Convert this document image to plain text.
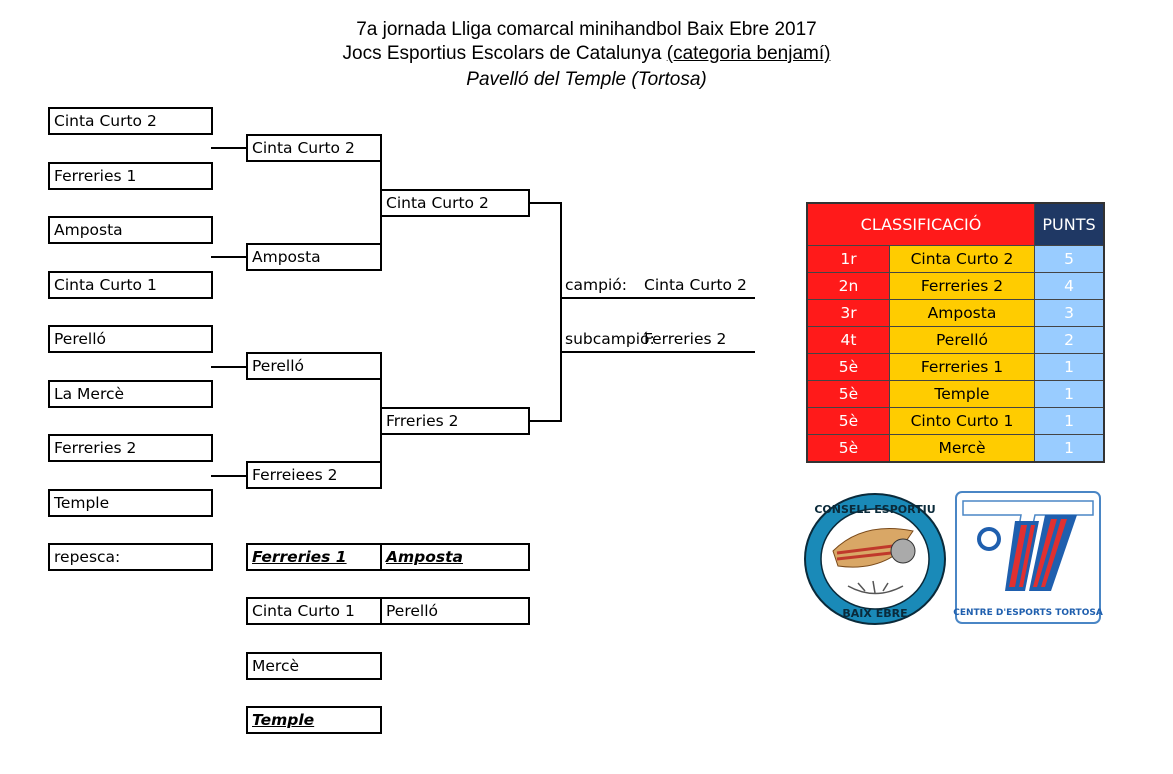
7a jornada Lliga comarcal minihandbol Baix Ebre 2017
Jocs Esportius Escolars de Catalunya (categoria benjamí)
Pavelló del Temple (Tortosa)
Cinta Curto 2
Ferreries 1
Amposta
Cinta Curto 1
Perelló
La Mercè
Ferreries 2
Temple
Cinta Curto 2
Amposta
Perelló
Ferreiees 2
Cinta Curto 2
Frreries 2
campió: Cinta Curto 2
subcampió:
Ferreries 2
repesca:	Ferreries 1	Amposta
Cinta Curto 1	Perelló
Mercè
Temple
CLASSIFICACIÓ	PUNTS
1r	Cinta Curto 2	5
2n	Ferreries 2	4
3r	Amposta	3
4t	Perelló	2
5è	Ferreries 1	1
5è	Temple	1
5è	Cinto Curto 1	1
5è	Mercè	1
CONSELL ESPORTIU
BAIX EBRE	CENTRE D'ESPORTS TORTOSA
